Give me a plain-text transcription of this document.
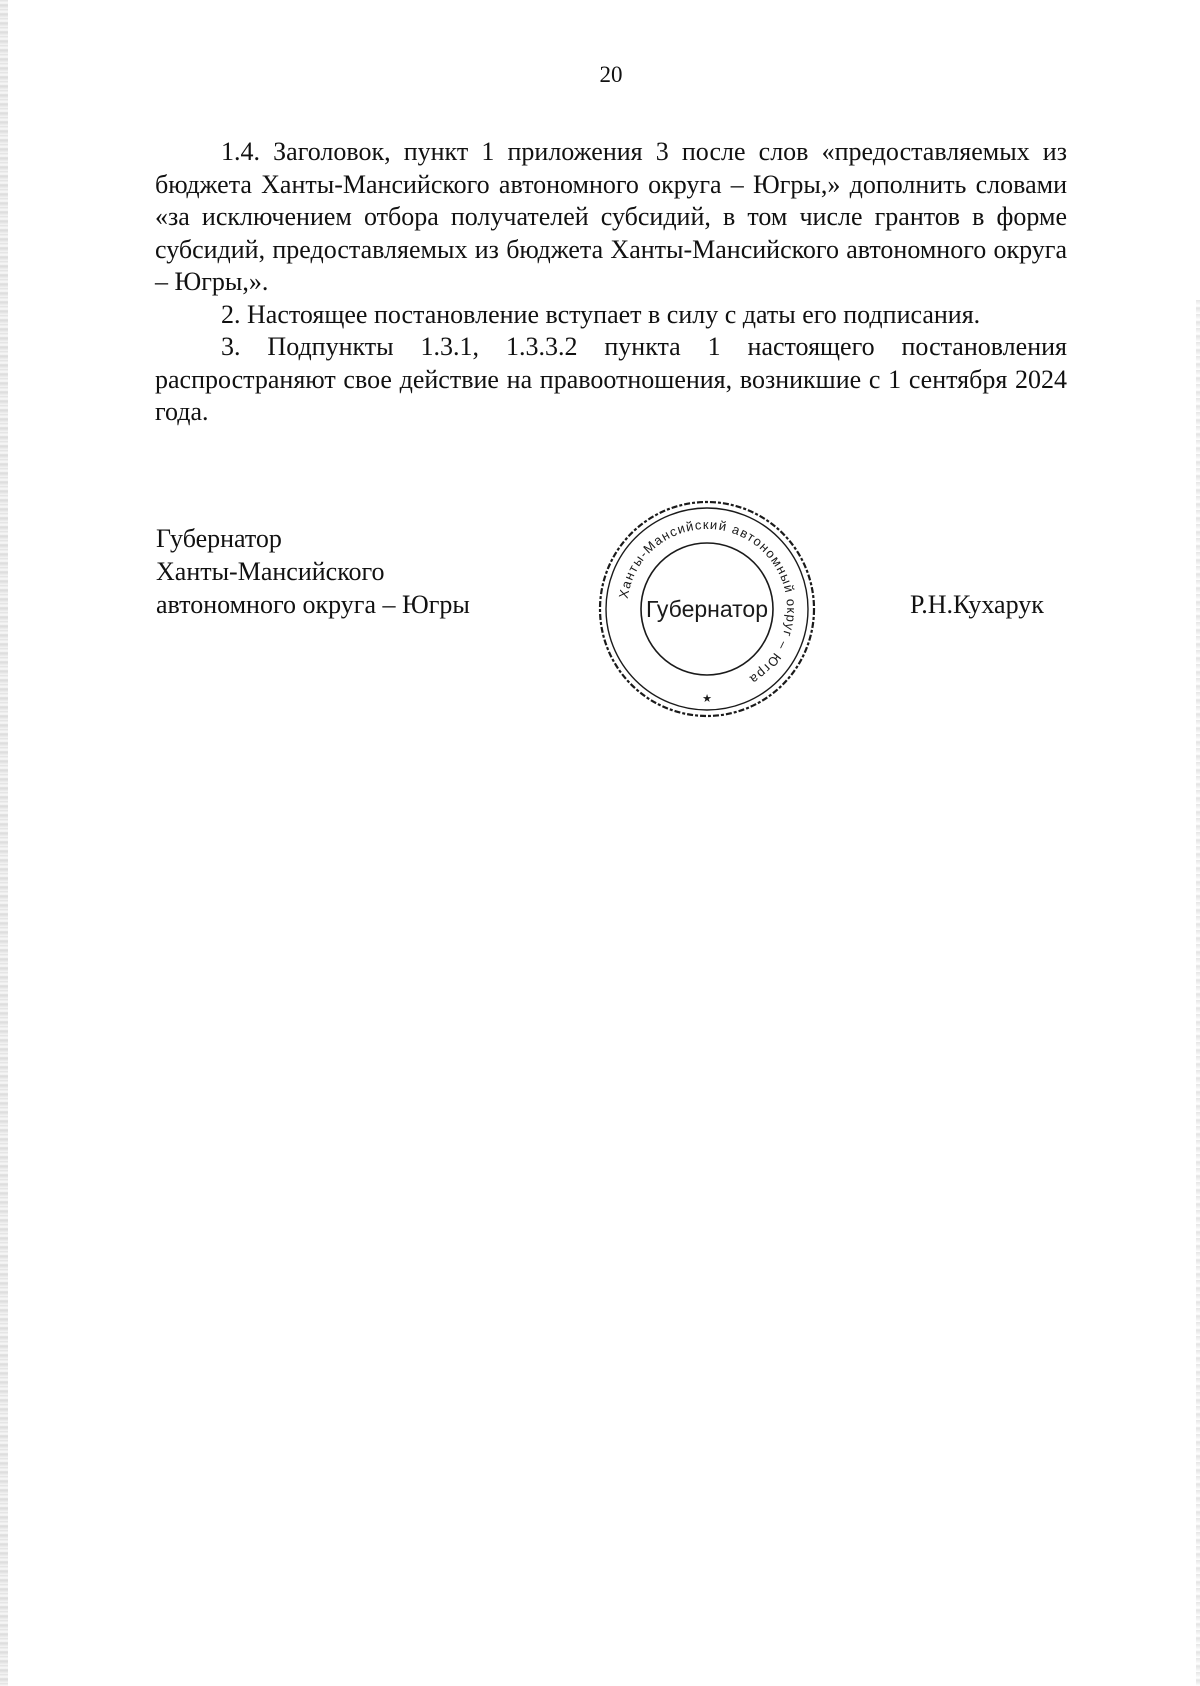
20

1.4. Заголовок, пункт 1 приложения 3 после слов «предоставляемых из бюджета Ханты-Мансийского автономного округа – Югры,» дополнить словами «за исключением отбора получателей субсидий, в том числе грантов в форме субсидий, предоставляемых из бюджета Ханты-Мансийского автономного округа – Югры,».

2. Настоящее постановление вступает в силу с даты его подписания.

3. Подпункты 1.3.1, 1.3.3.2 пункта 1 настоящего постановления распространяют свое действие на правоотношения, возникшие с 1 сентября 2024 года.

Губернатор
Ханты-Мансийского
автономного округа – Югры	Ханты-Мансийский автономный округ – Югра
Губернатор
★
Р.Н.Кухарук
